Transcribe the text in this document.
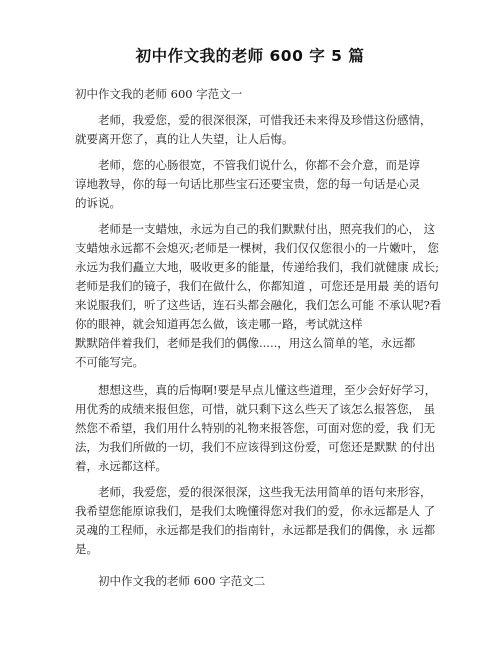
初中作文我的老师 600 字 5 篇
初中作文我的老师 600 字范文一
老师，我爱您，爱的很深很深，可惜我还未来得及珍惜这份感情，
就要离开您了，真的让人失望，让人后悔。
老师，您的心肠很宽，不管我们说什么，你都不会介意，而是谆
谆地教导，你的每一句话比那些宝石还要宝贵，您的每一句话是心灵
的诉说。
老师是一支蜡烛，永远为自己的我们默默付出，照亮我们的心， 这
支蜡烛永远都不会熄灭;老师是一棵树，我们仅仅您很小的一片嫩叶， 您
永远为我们矗立大地，吸收更多的能量，传递给我们，我们就健康 成长;
老师是我们的镜子，我们在做什么，你都知道 ，可您还是用最 美的语句
来说服我们，听了这些话，连石头都会融化，我们怎么可能 不承认呢?看
你的眼神，就会知道再怎么做，该走哪一路，考试就这样
默默陪伴着我们，老师是我们的偶像.....，用这么简单的笔，永远都
不可能写完。
想想这些，真的后悔啊!要是早点儿懂这些道理，至少会好好学习，
用优秀的成绩来报但您，可惜，就只剩下这么些天了该怎么报答您， 虽
然您不希望，我们用什么特别的礼物来报答您，可面对您的爱，我 们无
法，为我们所做的一切，我们不应该得到这份爱，可您还是默默 的付出
着，永远都这样。
老师，我爱您，爱的很深很深，这些我无法用简单的语句来形容，
我希望您能原谅我们，是我们太晚懂得您对我们的爱，你永远都是人 了
灵魂的工程师，永远都是我们的指南针，永远都是我们的偶像，永 远都
是。
初中作文我的老师 600 字范文二
